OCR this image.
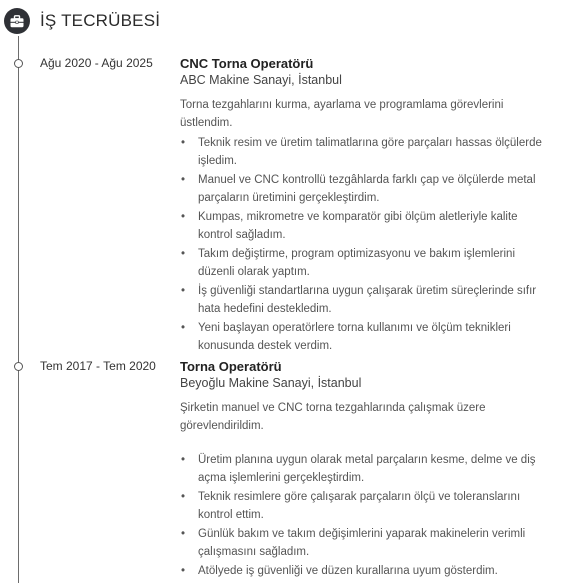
İŞ TECRÜBESİ
Ağu 2020 - Ağu 2025 CNC Torna Operatörü
ABC Makine Sanayi, İstanbul
Torna tezgahlarını kurma, ayarlama ve programlama görevlerini üstlendim.
• Teknik resim ve üretim talimatlarına göre parçaları hassas ölçülerde işledim.
• Manuel ve CNC kontrollü tezgâhlarda farklı çap ve ölçülerde metal parçaların üretimini gerçekleştirdim.
• Kumpas, mikrometre ve komparatör gibi ölçüm aletleriyle kalite kontrol sağladım.
• Takım değiştirme, program optimizasyonu ve bakım işlemlerini düzenli olarak yaptım.
• İş güvenliği standartlarına uygun çalışarak üretim süreçlerinde sıfır hata hedefini destekledim.
• Yeni başlayan operatörlere torna kullanımı ve ölçüm teknikleri konusunda destek verdim.
Tem 2017 - Tem 2020 Torna Operatörü
Beyoğlu Makine Sanayi, İstanbul
Şirketin manuel ve CNC torna tezgahlarında çalışmak üzere görevlendirildim.
• Üretim planına uygun olarak metal parçaların kesme, delme ve diş açma işlemlerini gerçekleştirdim.
• Teknik resimlere göre çalışarak parçaların ölçü ve toleranslarını kontrol ettim.
• Günlük bakım ve takım değişimlerini yaparak makinelerin verimli çalışmasını sağladım.
• Atölyede iş güvenliği ve düzen kurallarına uyum gösterdim.
